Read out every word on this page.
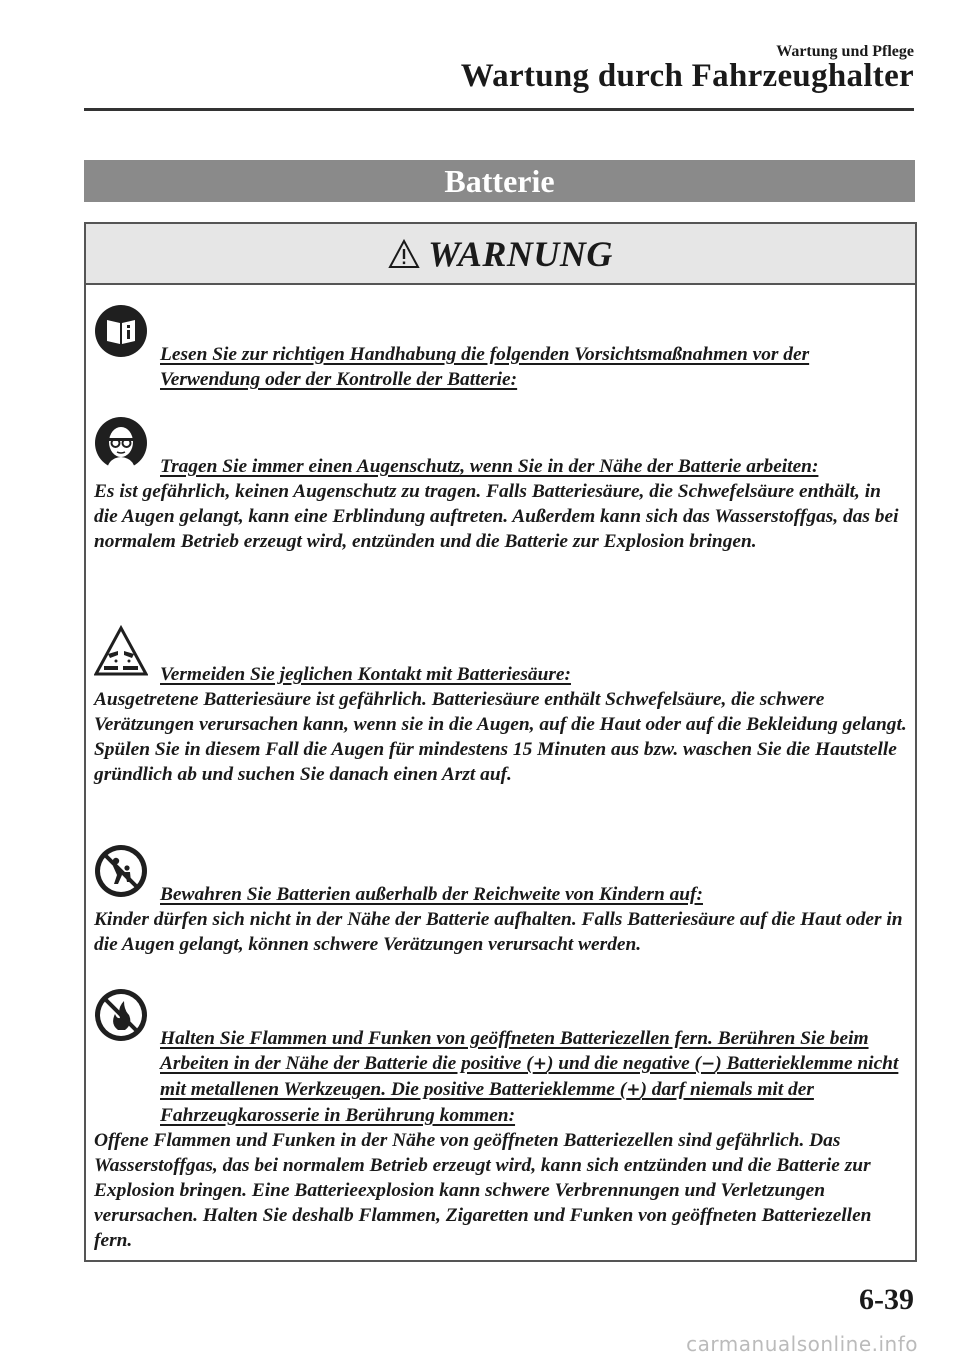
Wartung und Pflege
Wartung durch Fahrzeughalter
Batterie
WARNUNG

Lesen Sie zur richtigen Handhabung die folgenden Vorsichtsmaßnahmen vor der Verwendung oder der Kontrolle der Batterie:

Tragen Sie immer einen Augenschutz, wenn Sie in der Nähe der Batterie arbeiten:

Es ist gefährlich, keinen Augenschutz zu tragen. Falls Batteriesäure, die Schwefelsäure enthält, in die Augen gelangt, kann eine Erblindung auftreten. Außerdem kann sich das Wasserstoffgas, das bei normalem Betrieb erzeugt wird, entzünden und die Batterie zur Explosion bringen.

Vermeiden Sie jeglichen Kontakt mit Batteriesäure:

Ausgetretene Batteriesäure ist gefährlich. Batteriesäure enthält Schwefelsäure, die schwere Verätzungen verursachen kann, wenn sie in die Augen, auf die Haut oder auf die Bekleidung gelangt. Spülen Sie in diesem Fall die Augen für mindestens 15 Minuten aus bzw. waschen Sie die Hautstelle gründlich ab und suchen Sie danach einen Arzt auf.

Bewahren Sie Batterien außerhalb der Reichweite von Kindern auf:

Kinder dürfen sich nicht in der Nähe der Batterie aufhalten. Falls Batteriesäure auf die Haut oder in die Augen gelangt, können schwere Verätzungen verursacht werden.

Halten Sie Flammen und Funken von geöffneten Batteriezellen fern. Berühren Sie beim Arbeiten in der Nähe der Batterie die positive (+) und die negative (−) Batterieklemme nicht mit metallenen Werkzeugen. Die positive Batterieklemme (+) darf niemals mit der Fahrzeugkarosserie in Berührung kommen:

Offene Flammen und Funken in der Nähe von geöffneten Batteriezellen sind gefährlich. Das Wasserstoffgas, das bei normalem Betrieb erzeugt wird, kann sich entzünden und die Batterie zur Explosion bringen. Eine Batterieexplosion kann schwere Verbrennungen und Verletzungen verursachen. Halten Sie deshalb Flammen, Zigaretten und Funken von geöffneten Batteriezellen fern.

6-39
carmanualsonline.info
